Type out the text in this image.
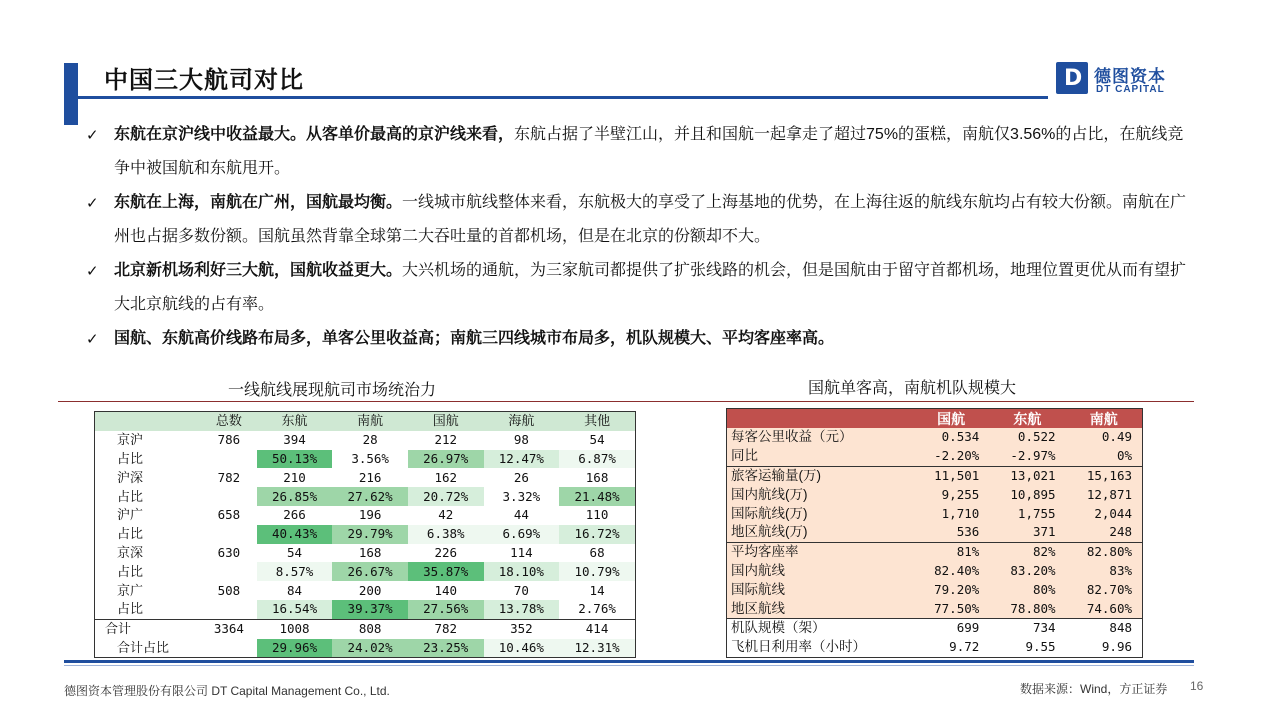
中国三大航司对比	D 德图资本
DT CAPITAL
✓ 东航在京沪线中收益最大。从客单价最高的京沪线来看，东航占据了半壁江山，并且和国航一起拿走了超过75%的蛋糕，南航仅3.56%的占比，在航线竞争中被国航和东航甩开。
✓ 东航在上海，南航在广州，国航最均衡。一线城市航线整体来看，东航极大的享受了上海基地的优势，在上海往返的航线东航均占有较大份额。南航在广州也占据多数份额。国航虽然背靠全球第二大吞吐量的首都机场，但是在北京的份额却不大。
✓ 北京新机场利好三大航，国航收益更大。大兴机场的通航，为三家航司都提供了扩张线路的机会，但是国航由于留守首都机场，地理位置更优从而有望扩大北京航线的占有率。
✓ 国航、东航高价线路布局多，单客公里收益高；南航三四线城市布局多，机队规模大、平均客座率高。
一线航线展现航司市场统治力	国航单客高，南航机队规模大
	总数	东航	南航	国航	海航	其他
京沪	786	394	28	212	98	54
占比		50.13%	3.56%	26.97%	12.47%	6.87%
沪深	782	210	216	162	26	168
占比		26.85%	27.62%	20.72%	3.32%	21.48%
沪广	658	266	196	42	44	110
占比		40.43%	29.79%	6.38%	6.69%	16.72%
京深	630	54	168	226	114	68
占比		8.57%	26.67%	35.87%	18.10%	10.79%
京广	508	84	200	140	70	14
占比		16.54%	39.37%	27.56%	13.78%	2.76%
合计	3364	1008	808	782	352	414
合计占比		29.96%	24.02%	23.25%	10.46%	12.31%
	国航	东航	南航
每客公里收益（元）	0.534	0.522	0.49
同比	-2.20%	-2.97%	0%
旅客运输量(万)	11,501	13,021	15,163
国内航线(万)	9,255	10,895	12,871
国际航线(万)	1,710	1,755	2,044
地区航线(万)	536	371	248
平均客座率	81%	82%	82.80%
国内航线	82.40%	83.20%	83%
国际航线	79.20%	80%	82.70%
地区航线	77.50%	78.80%	74.60%
机队规模（架）	699	734	848
飞机日利用率（小时）	9.72	9.55	9.96
德图资本管理股份有限公司 DT Capital Management Co., Ltd.	数据来源：Wind，方正证券 16
